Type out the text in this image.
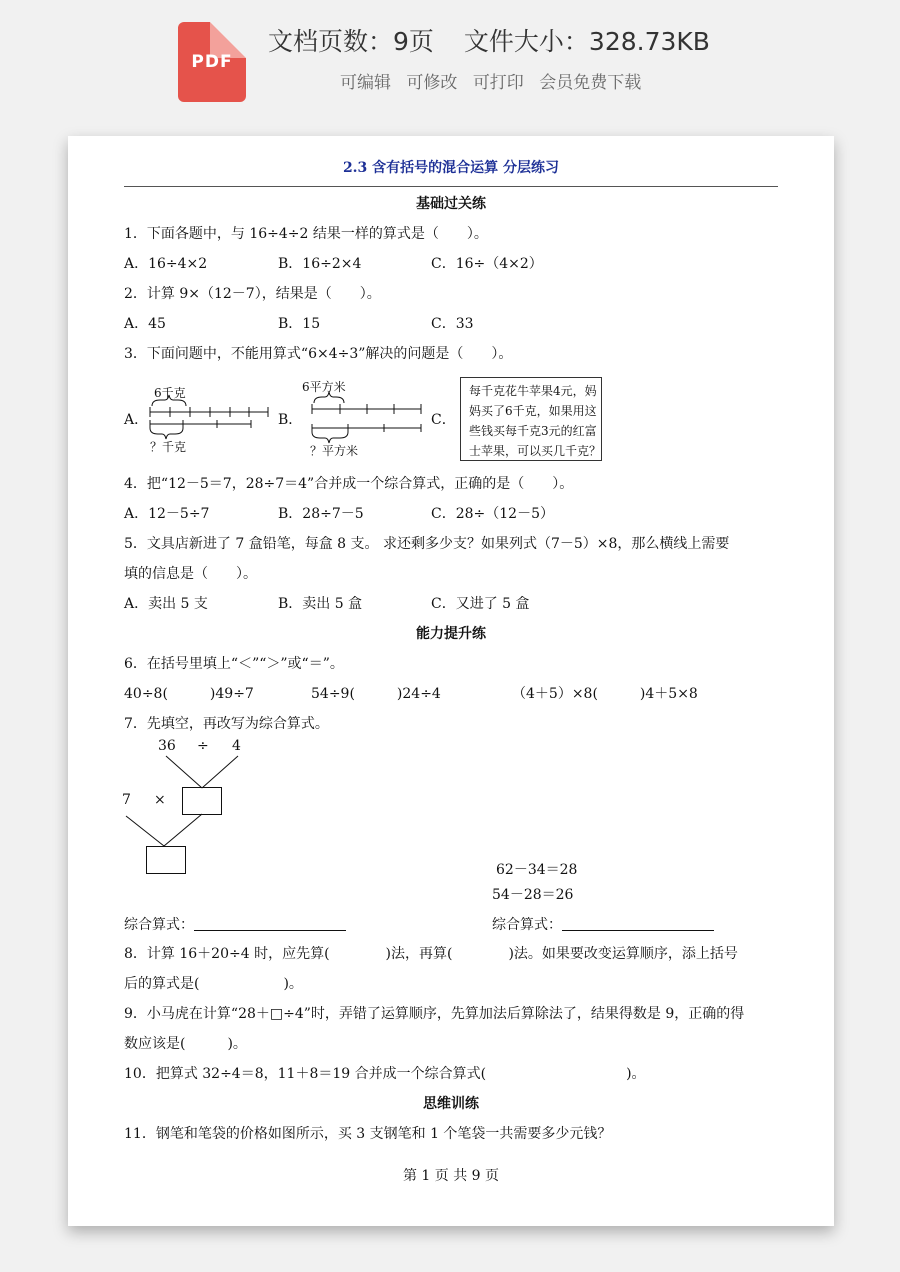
PDF
文档页数：9页 文件大小：328.73KB
可编辑 可修改 可打印 会员免费下载
2.3 含有括号的混合运算 分层练习
基础过关练
1．下面各题中，与 16÷4÷2 结果一样的算式是（　　）。
A．16÷4×2	B．16÷2×4	C．16÷（4×2）
2．计算 9×（12－7），结果是（　　）。
A．45	B．15	C．33
3．下面问题中，不能用算式“6×4÷3”解决的问题是（　　）。
A．	B．	C．
6千克
？千克
6平方米
？平方米
每千克花牛苹果4元，妈
妈买了6千克，如果用这
些钱买每千克3元的红富
士苹果，可以买几千克？
4．把“12－5＝7，28÷7＝4”合并成一个综合算式，正确的是（　　）。
A．12－5÷7	B．28÷7－5	C．28÷（12－5）
5．文具店新进了 7 盒铅笔，每盒 8 支。 求还剩多少支？如果列式（7－5）×8，那么横线上需要
填的信息是（　　）。
A．卖出 5 支	B．卖出 5 盒	C．又进了 5 盒
能力提升练
6．在括号里填上“＜”“＞”或“＝”。
40÷8(　　　)49÷7	54÷9(　　　)24÷4	（4＋5）×8(　　　)4＋5×8
7．先填空，再改写为综合算式。
36 ÷ 4
7 ×
62－34＝28
54－28＝26
综合算式：	综合算式：
8．计算 16＋20÷4 时，应先算(　　　　)法，再算(　　　　)法。如果要改变运算顺序，添上括号
后的算式是(　　　　　　)。
9．小马虎在计算“28＋□÷4”时，弄错了运算顺序，先算加法后算除法了，结果得数是 9，正确的得
数应该是(　　　)。
10．把算式 32÷4＝8，11＋8＝19 合并成一个综合算式(　　　　　　　　　　)。
思维训练
11．钢笔和笔袋的价格如图所示，买 3 支钢笔和 1 个笔袋一共需要多少元钱？
第 1 页 共 9 页
